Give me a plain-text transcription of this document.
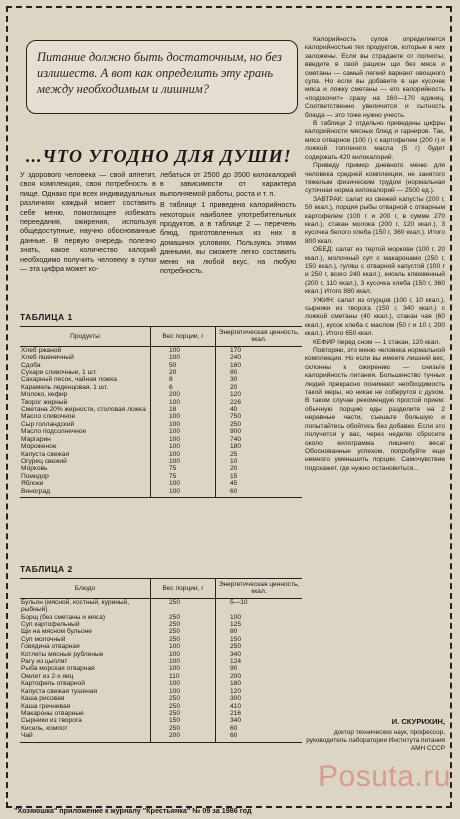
Питание должно быть достаточным, но без излишеств. А вот как определить эту грань между необходимым и лишним?

...ЧТО УГОДНО ДЛЯ ДУШИ!

У здорового человека — свой аппетит, своя комплекция, своя потребность в пище. Однако при всех индивидуальных различиях каждый может составить себе меню, помогающее избежать переедания, ожирения, используя общедоступные, научно обоснованные данные. В первую очередь полезно знать, какое количество калорий необходимо получить человеку в сутки — эта цифра может ко-

лебаться от 2500 до 3500 килокалорий в зависимости от характера выполняемой работы, роста и т. п.

В таблице 1 приведена калорийность некоторых наиболее употребительных продуктов, а в таблице 2 — перечень блюд, приготовленных из них в домашних условиях. Пользуясь этими данными, вы сможете легко составить меню на любой вкус, на любую потребность.

ТАБЛИЦА 1
Продукты	Вес порции, г	Энергетическая ценность, ккал.
Хлеб ржаной	100	170
Хлеб пшеничный	100	240
Сдоба	50	160
Сухари сливочные, 1 шт.	20	80
Сахарный песок, чайная ложка	8	30
Карамель леденцовая, 1 шт.	6	20
Молоко, кефир	200	120
Творог жирный	100	226
Сметана 20% жирности, столовая ложка	18	40
Масло сливочное	100	750
Сыр голландский	100	250
Масло подсолнечное	100	900
Маргарин	100	740
Мороженое	100	180
Капуста свежая	100	25
Огурец свежий	100	10
Морковь	75	20
Помидор	75	15
Яблоки	100	45
Виноград	100	60
ТАБЛИЦА 2
Блюдо	Вес порции, г	Энергетическая ценность, ккал.
Бульон (мясной, костный, куриный, рыбный)	250	5—10
Борщ (без сметаны и мяса)	250	100
Суп картофельный	250	125
Щи на мясном бульоне	250	80
Суп молочный	250	150
Говядина отварная	100	250
Котлеты мясные рубленые	100	340
Рагу из цыплят	100	124
Рыба морская отварная	100	90
Омлет из 2-х яиц	110	200
Картофель отварной	100	180
Капуста свежая тушеная	100	120
Каша рисовая	250	300
Каша гречневая	250	410
Макароны отварные	250	216
Сырники из творога	150	340
Кисель, компот	250	60
Чай	200	60

Калорийность супов определяется калорийностью тех продуктов, которые в них заложены. Если вы страдаете от полноты, введите в свой рацион щи без мяса и сметаны — самый легкий вариант овощного супа. Но если вы добавите в щи кусочек мяса и ложку сметаны — его калорийность «подскочит» сразу на 160—170 единиц. Соответственно увеличится и сытность блюда — это тоже нужно учесть.

В таблице 2 отдельно приведены цифры калорийности мясных блюд и гарниров. Так, мясо отварное (100 г) с картофелем (200 г) и ложкой топленого масла (5 г) будет содержать 420 килокалорий.

Приведу пример дневного меню для человека средней комплекции, не занятого тяжелым физическим трудом (нормальная суточная норма килокалорий — 2500 ед.).

ЗАВТРАК: салат из свежей капусты (200 г, 50 ккал.), порция рыбы отварной с отварным картофелем (100 г и 200 г, в сумме 270 ккал.), стакан молока (200 г, 120 ккал.), 3 кусочка белого хлеба (150 г, 360 ккал.). Итого 800 ккал.

ОБЕД: салат из тертой моркови (100 г, 20 ккал.), молочный суп с макаронами (250 г, 150 ккал.), гуляш с отварной капустой (100 г и 250 г, всего 240 ккал.), кисель клюквенный (200 г, 110 ккал.), 3 кусочка хлеба (150 г, 360 ккал.) Итого 880 ккал.

УЖИН: салат из огурцов (100 г, 10 ккал.), сырники из творога (150 г, 340 ккал.) с ложкой сметаны (40 ккал.), стакан чая (60 ккал.), кусок хлеба с маслом (50 г и 10 г, 200 ккал.). Итого 650 ккал.

КЕФИР перед сном — 1 стакан, 120 ккал.

Повторяю, это меню человека нормальной комплекции. Но если вы имеете лишний вес, склонны к ожирению — снизьте калорийность питания. Большинство тучных людей прекрасно понимают необходимость такой меры, но никак не соберутся с духом. В таком случае рекомендую простой прием: обычную порцию еды разделите на 2 неравные части, съешьте большую и попытайтесь обойтись без добавки. Если это получится у вас, через неделю сбросите около килограмма лишнего веса! Обоснованные успехом, попробуйте еще немного уменьшить порции. Самочувствие подскажет, где нужно остановиться...

И. СКУРИХИН,
доктор технических наук, профессор, руководитель лаборатории Института питания АМН СССР
Posuta.ru
"Хозяюшка" приложение к журналу "Крестьянка" № 09 за 1986 год
